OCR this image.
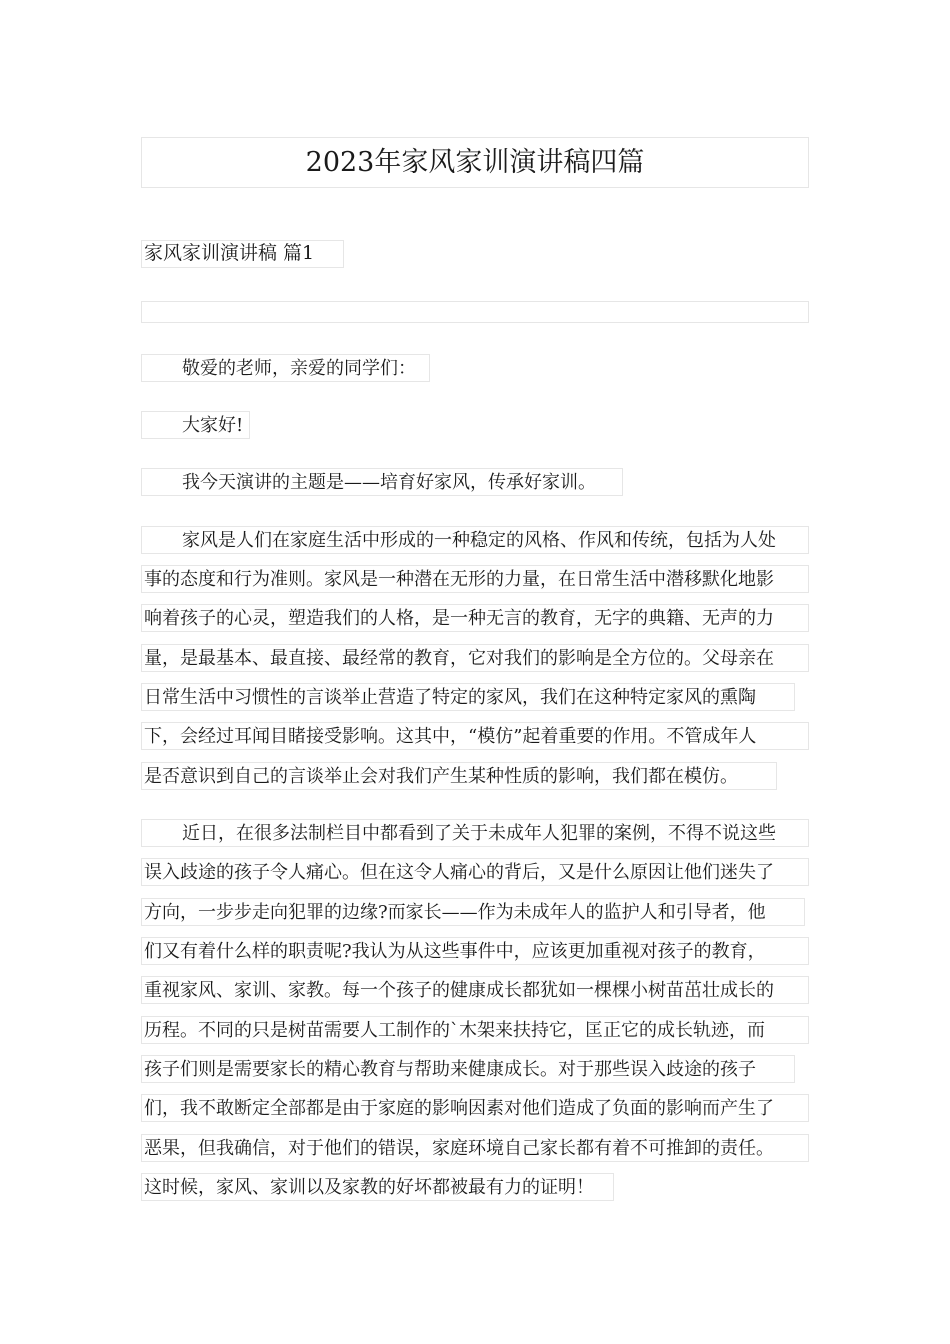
2023年家风家训演讲稿四篇
家风家训演讲稿 篇1
敬爱的老师，亲爱的同学们：
大家好!
我今天演讲的主题是——培育好家风，传承好家训。
家风是人们在家庭生活中形成的一种稳定的风格、作风和传统，包括为人处
事的态度和行为准则。家风是一种潜在无形的力量，在日常生活中潜移默化地影
响着孩子的心灵，塑造我们的人格，是一种无言的教育，无字的典籍、无声的力
量，是最基本、最直接、最经常的教育，它对我们的影响是全方位的。父母亲在
日常生活中习惯性的言谈举止营造了特定的家风，我们在这种特定家风的熏陶
下，会经过耳闻目睹接受影响。这其中，“模仿”起着重要的作用。不管成年人
是否意识到自己的言谈举止会对我们产生某种性质的影响，我们都在模仿。
近日，在很多法制栏目中都看到了关于未成年人犯罪的案例，不得不说这些
误入歧途的孩子令人痛心。但在这令人痛心的背后，又是什么原因让他们迷失了
方向，一步步走向犯罪的边缘?而家长——作为未成年人的监护人和引导者，他
们又有着什么样的职责呢?我认为从这些事件中，应该更加重视对孩子的教育，
重视家风、家训、家教。每一个孩子的健康成长都犹如一棵棵小树苗茁壮成长的
历程。不同的只是树苗需要人工制作的`木架来扶持它，匡正它的成长轨迹，而
孩子们则是需要家长的精心教育与帮助来健康成长。对于那些误入歧途的孩子
们，我不敢断定全部都是由于家庭的影响因素对他们造成了负面的影响而产生了
恶果，但我确信，对于他们的错误，家庭环境自己家长都有着不可推卸的责任。
这时候，家风、家训以及家教的好坏都被最有力的证明！
